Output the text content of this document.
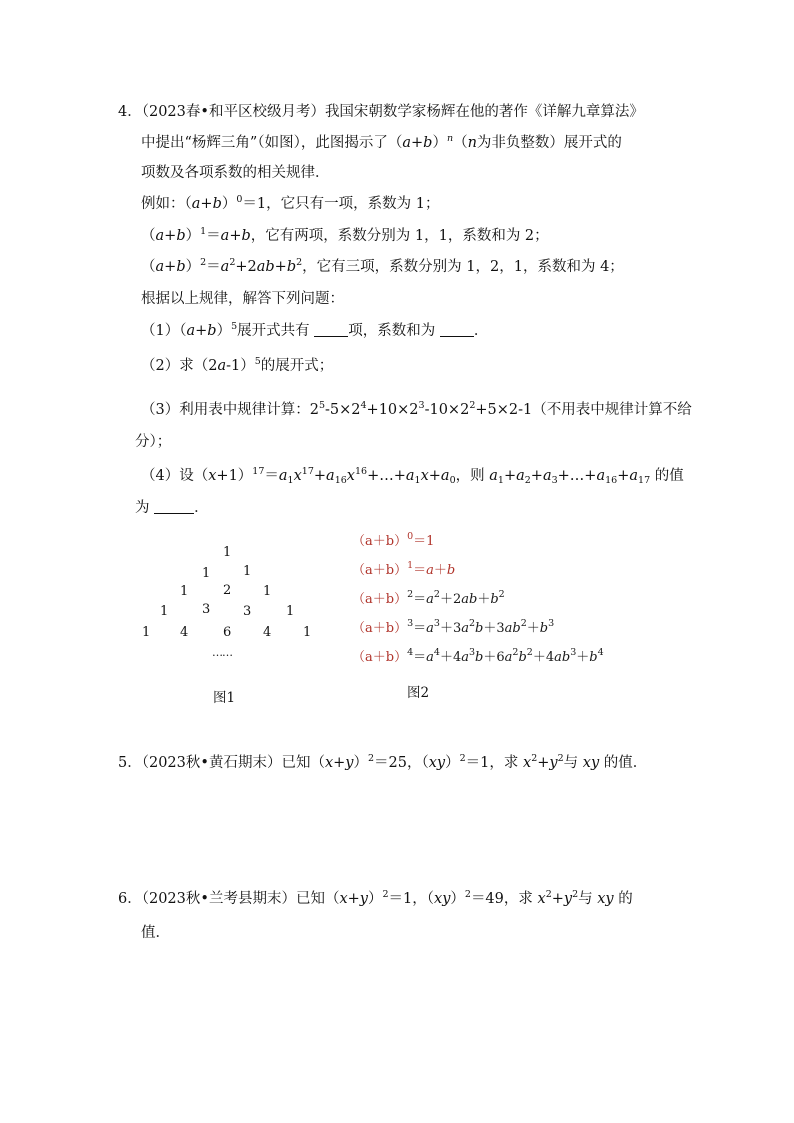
4．（2023春•和平区校级月考）我国宋朝数学家杨辉在他的著作《详解九章算法》
中提出“杨辉三角”（如图），此图揭示了$(a+b)^n(n$为非负整数）展开式的
项数及各项系数的相关规律．
例如：$(a+b)^0=1$，它只有一项，系数为 1；
$(a+b)^1=a+b$，它有两项，系数分别为 1，1，系数和为 2；
$(a+b)^2=a^2+2ab+b^2$，它有三项，系数分别为 1，2，1，系数和为 4；
根据以上规律，解答下列问题：
$(1)(a+b)^5$展开式共有	项，系数和为	．
（2）求$(2a-1)^5$的展开式；
（3）利用表中规律计算：$2^5-5\times 2^4+10\times 2^3-10\times 2^2+5\times 2-1$（不用表中规律计算不给
分）；
（4）设$(x+1)^{17}=a_1x^{17}+a_{16}x^{16}+\dots+a_1x+a_0$，则 $a_1+a_2+a_3+\dots+a_{16}+a_{17}$ 的值
为	．
1
1	1
1	2 1
1	3	3	1
1 4	6 4 1
……
图1
$(a+b)^0=1$
$(a+b)^1=a+b$
$(a+b)^2=a^2+2ab+b^2$
$(a+b)^3=a^3+3a^2b+3ab^2+b^3$
$(a+b)^4=a^4+4a^3b+6a^2b^2+4ab^3+b^4$
图2
5．（2023秋•黄石期末）已知$(x+y)^2=25$，（xy）$^2$＝1，求 $x^2+y^2$与 xy 的值．
6．（2023秋•兰考县期末）已知$(x+y)^2=1$，（xy）$^2$＝49，求 $x^2+y^2$与 xy 的
值．
